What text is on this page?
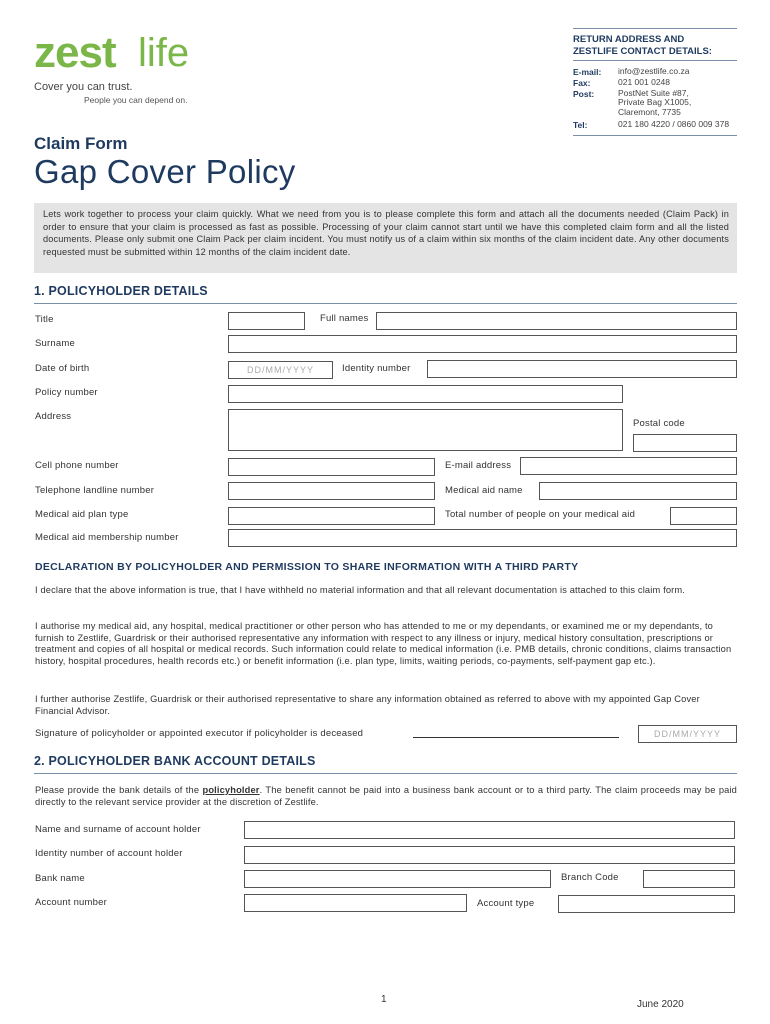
zest life
Cover you can trust.
People you can depend on.
RETURN ADDRESS AND
ZESTLIFE CONTACT DETAILS:
E-mail: info@zestlife.co.za
Fax:	021 001 0248
Post:	PostNet Suite #87,
Private Bag X1005,
Claremont, 7735
Tel:	021 180 4220 / 0860 009 378
Claim Form
Gap Cover Policy
Lets work together to process your claim quickly. What we need from you is to please complete this form and attach all the documents needed (Claim Pack) in order to ensure that your claim is processed as fast as possible. Processing of your claim cannot start until we have this completed claim form and all the listed documents. Please only submit one Claim Pack per claim incident. You must notify us of a claim within six months of the claim incident date. Any other documents requested must be submitted within 12 months of the claim incident date.
1. POLICYHOLDER DETAILS
Title	Full names
Surname
Date of birth	DD/MM/YYYY	Identity number
Policy number
Address
Postal code
Cell phone number	E-mail address
Telephone landline number	Medical aid name
Medical aid plan type	Total number of people on your medical aid
Medical aid membership number
DECLARATION BY POLICYHOLDER AND PERMISSION TO SHARE INFORMATION WITH A THIRD PARTY
I declare that the above information is true, that I have withheld no material information and that all relevant documentation is attached to this claim form.
I authorise my medical aid, any hospital, medical practitioner or other person who has attended to me or my dependants, or examined me or my dependants, to furnish to Zestlife, Guardrisk or their authorised representative any information with respect to any illness or injury, medical history consultation, prescriptions or treatment and copies of all hospital or medical records. Such information could relate to medical information (i.e. PMB details, chronic conditions, claims transaction history, hospital procedures, health records etc.) or benefit information (i.e. plan type, limits, waiting periods, co-payments, self-payment gap etc.).
I further authorise Zestlife, Guardrisk or their authorised representative to share any information obtained as referred to above with my appointed Gap Cover Financial Advisor.
Signature of policyholder or appointed executor if policyholder is deceased	DD/MM/YYYY
2. POLICYHOLDER BANK ACCOUNT DETAILS
Please provide the bank details of the policyholder. The benefit cannot be paid into a business bank account or to a third party. The claim proceeds may be paid directly to the relevant service provider at the discretion of Zestlife.
Name and surname of account holder
Identity number of account holder
Bank name	Branch Code
Account number	Account type
1	June 2020
